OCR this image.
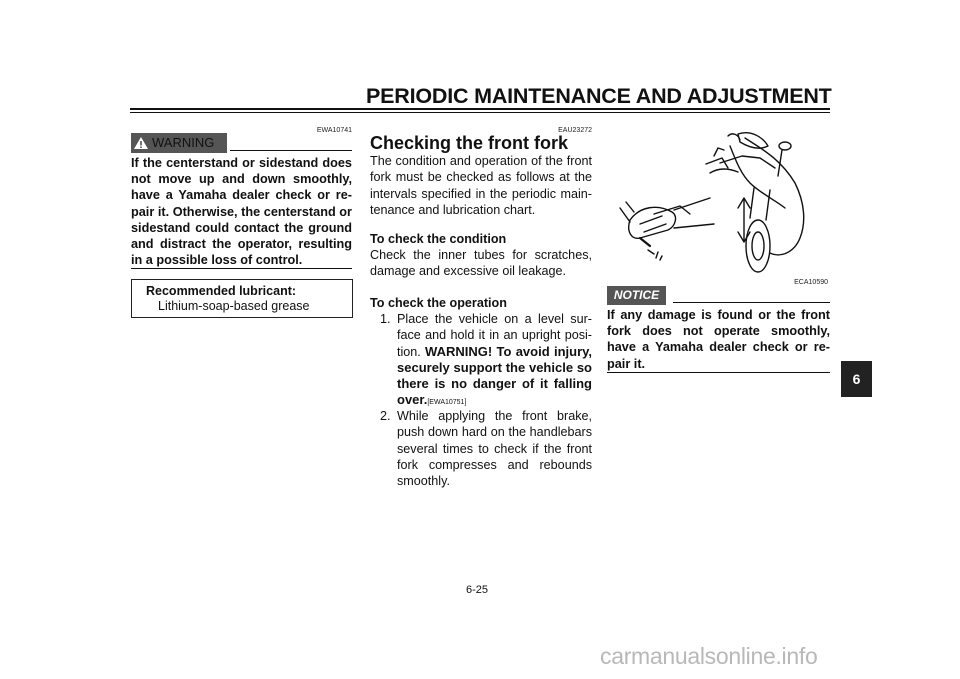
PERIODIC MAINTENANCE AND ADJUSTMENT
EWA10741
WARNING
If the centerstand or sidestand does not move up and down smoothly, have a Yamaha dealer check or re-pair it. Otherwise, the centerstand or sidestand could contact the ground and distract the operator, resulting in a possible loss of control.
Recommended lubricant:
Lithium-soap-based grease
EAU23272
Checking the front fork
The condition and operation of the front fork must be checked as follows at the intervals specified in the periodic main-tenance and lubrication chart.
To check the condition
Check the inner tubes for scratches, damage and excessive oil leakage.
To check the operation
1. Place the vehicle on a level sur-face and hold it in an upright posi-tion. WARNING! To avoid injury, securely support the vehicle so there is no danger of it falling over.[EWA10751]
2. While applying the front brake, push down hard on the handlebars several times to check if the front fork compresses and rebounds smoothly.
ECA10590
NOTICE
If any damage is found or the front fork does not operate smoothly, have a Yamaha dealer check or re-pair it.
6
6-25
carmanualsonline.info
